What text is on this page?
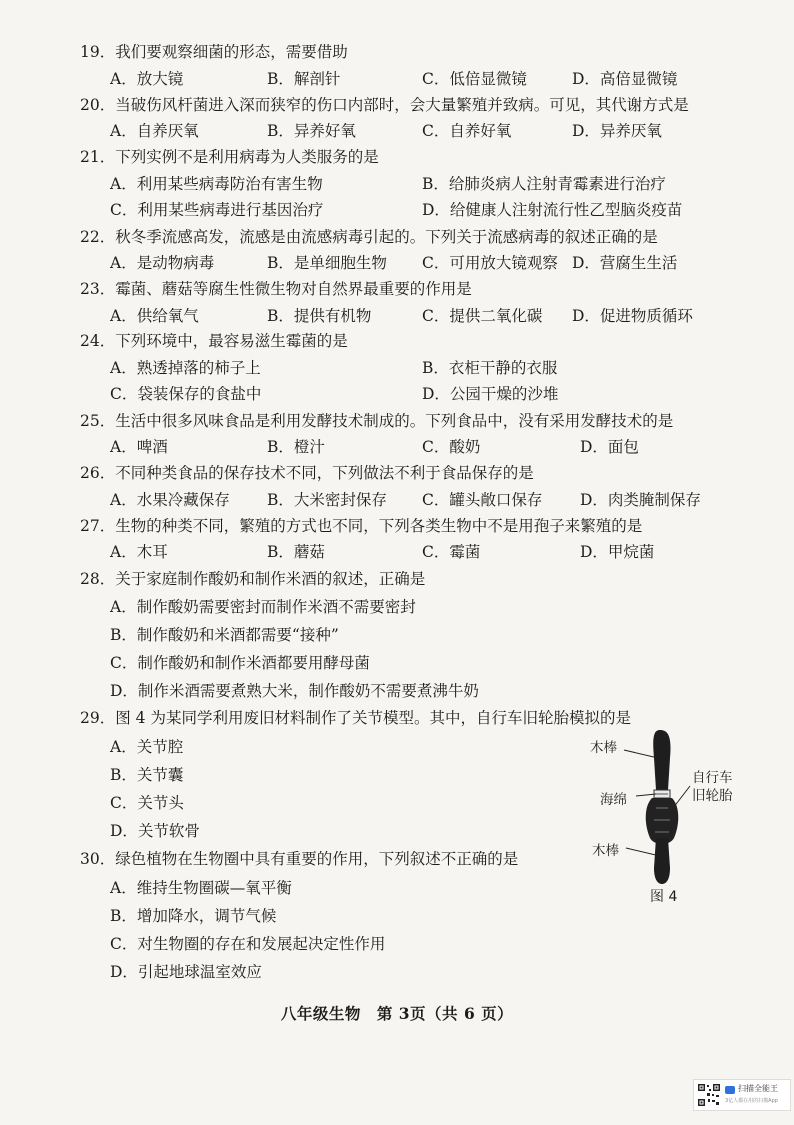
19．我们要观察细菌的形态，需要借助
A．放大镜	B．解剖针	C．低倍显微镜	D．高倍显微镜
20．当破伤风杆菌进入深而狭窄的伤口内部时，会大量繁殖并致病。可见，其代谢方式是
A．自养厌氧	B．异养好氧	C．自养好氧	D．异养厌氧
21．下列实例不是利用病毒为人类服务的是
A．利用某些病毒防治有害生物	B．给肺炎病人注射青霉素进行治疗
C．利用某些病毒进行基因治疗	D．给健康人注射流行性乙型脑炎疫苗
22．秋冬季流感高发，流感是由流感病毒引起的。下列关于流感病毒的叙述正确的是
A．是动物病毒	B．是单细胞生物 C．可用放大镜观察 D．营腐生生活
23．霉菌、蘑菇等腐生性微生物对自然界最重要的作用是
A．供给氧气	B．提供有机物	C．提供二氧化碳 D．促进物质循环
24．下列环境中，最容易滋生霉菌的是
A．熟透掉落的柿子上	B．衣柜干静的衣服
C．袋装保存的食盐中	D．公园干燥的沙堆
25．生活中很多风味食品是利用发酵技术制成的。下列食品中，没有采用发酵技术的是
A．啤酒	B．橙汁	C．酸奶	D．面包
26．不同种类食品的保存技术不同，下列做法不利于食品保存的是
A．水果冷藏保存 B．大米密封保存 C．罐头敞口保存 D．肉类腌制保存
27．生物的种类不同，繁殖的方式也不同，下列各类生物中不是用孢子来繁殖的是
A．木耳	B．蘑菇	C．霉菌	D．甲烷菌
28．关于家庭制作酸奶和制作米酒的叙述，正确是
A．制作酸奶需要密封而制作米酒不需要密封
B．制作酸奶和米酒都需要“接种”
C．制作酸奶和制作米酒都要用酵母菌
D．制作米酒需要煮熟大米，制作酸奶不需要煮沸牛奶
29．图 4 为某同学利用废旧材料制作了关节模型。其中，自行车旧轮胎模拟的是
A．关节腔
B．关节囊
C．关节头
D．关节软骨
30．绿色植物在生物圈中具有重要的作用，下列叙述不正确的是
A．维持生物圈碳—氧平衡
B．增加降水，调节气候
C．对生物圈的存在和发展起决定性作用
D．引起地球温室效应
木棒
海绵
自行车
旧轮胎
木棒
图 4
八年级生物　第 3页（共 6 页）
扫描全能王
3亿人都在用的扫描App
